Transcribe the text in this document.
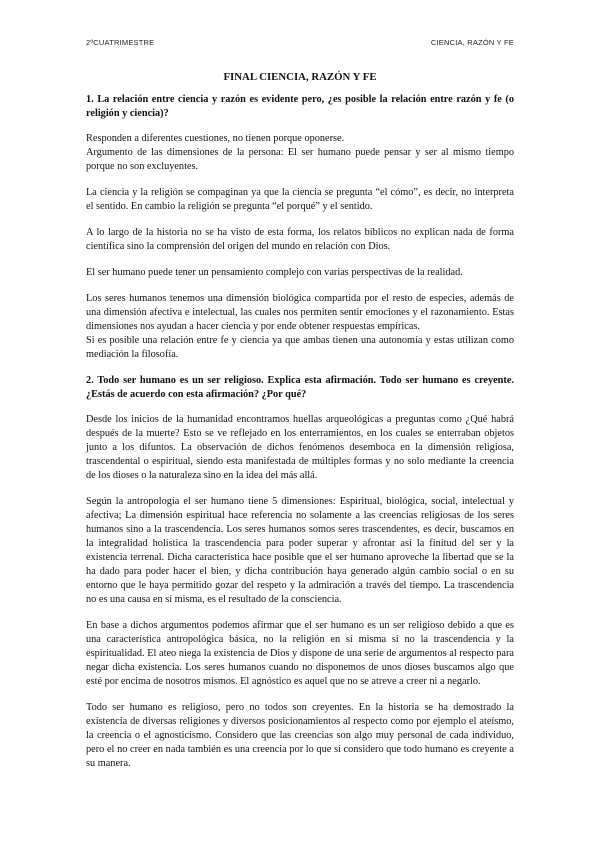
2ºCUATRIMESTRE	CIENCIA, RAZÓN Y FE
FINAL CIENCIA, RAZÓN Y FE
1. La relación entre ciencia y razón es evidente pero, ¿es posible la relación entre razón y fe (o religión y ciencia)?

Responden a diferentes cuestiones, no tienen porque oponerse.

Argumento de las dimensiones de la persona: El ser humano puede pensar y ser al mismo tiempo porque no son excluyentes.

La ciencia y la religión se compaginan ya que la ciencia se pregunta “el cómo”, es decir, no interpreta el sentido. En cambio la religión se pregunta “el porqué” y el sentido.

A lo largo de la historia no se ha visto de esta forma, los relatos bíblicos no explican nada de forma científica sino la comprensión del origen del mundo en relación con Dios.

El ser humano puede tener un pensamiento complejo con varias perspectivas de la realidad.

Los seres humanos tenemos una dimensión biológica compartida por el resto de especies, además de una dimensión afectiva e intelectual, las cuales nos permiten sentir emociones y el razonamiento. Estas dimensiones nos ayudan a hacer ciencia y por ende obtener respuestas empíricas.

Si es posible una relación entre fe y ciencia ya que ambas tienen una autonomía y estas utilizan como mediación la filosofía.

2. Todo ser humano es un ser religioso. Explica esta afirmación. Todo ser humano es creyente. ¿Estás de acuerdo con esta afirmación? ¿Por qué?

Desde los inicios de la humanidad encontramos huellas arqueológicas a preguntas como ¿Qué habrá después de la muerte? Esto se ve reflejado en los enterramientos, en los cuales se enterraban objetos junto a los difuntos. La observación de dichos fenómenos desemboca en la dimensión religiosa, trascendental o espiritual, siendo esta manifestada de múltiples formas y no solo mediante la creencia de los dioses o la naturaleza sino en la idea del más allá.

Según la antropología el ser humano tiene 5 dimensiones: Espiritual, biológica, social, intelectual y afectiva; La dimensión espiritual hace referencia no solamente a las creencias religiosas de los seres humanos sino a la trascendencia. Los seres humanos somos seres trascendentes, es decir, buscamos en la integralidad holística la trascendencia para poder superar y afrontar así la finitud del ser y la existencia terrenal. Dicha característica hace posible que el ser humano aproveche la libertad que se la ha dado para poder hacer el bien, y dicha contribución haya generado algún cambio social o en su entorno que le haya permitido gozar del respeto y la admiración a través del tiempo. La trascendencia no es una causa en sí misma, es el resultado de la consciencia.

En base a dichos argumentos podemos afirmar que el ser humano es un ser religioso debido a que es una característica antropológica básica, no la religión en sí misma si no la trascendencia y la espiritualidad. El ateo niega la existencia de Dios y dispone de una serie de argumentos al respecto para negar dicha existencia. Los seres humanos cuando no disponemos de unos dioses buscamos algo que esté por encima de nosotros mismos. El agnóstico es aquel que no se atreve a creer ni a negarlo.

Todo ser humano es religioso, pero no todos son creyentes. En la historia se ha demostrado la existencia de diversas religiones y diversos posicionamientos al respecto como por ejemplo el ateísmo, la creencia o el agnosticismo. Considero que las creencias son algo muy personal de cada individuo, pero el no creer en nada también es una creencia por lo que sí considero que todo humano es creyente a su manera.
